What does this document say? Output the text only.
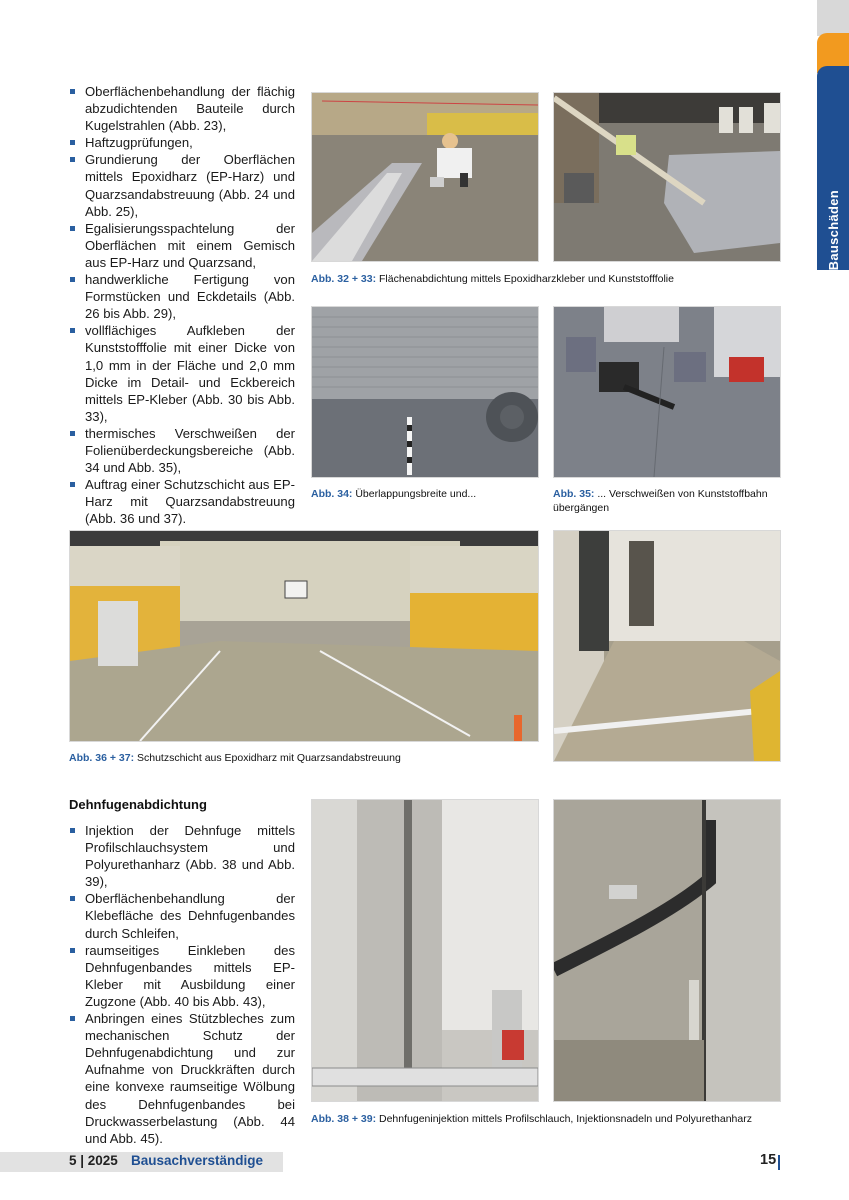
Bauschäden
Oberflächenbehandlung der flächig abzudichtenden Bauteile durch Kugelstrahlen (Abb. 23),
Haftzugprüfungen,
Grundierung der Oberflächen mittels Epoxidharz (EP-Harz) und Quarzsandabstreuung (Abb. 24 und Abb. 25),
Egalisierungsspachtelung der Oberflächen mit einem Gemisch aus EP-Harz und Quarzsand,
handwerkliche Fertigung von Formstücken und Eckdetails (Abb. 26 bis Abb. 29),
vollflächiges Aufkleben der Kunststofffolie mit einer Dicke von 1,0 mm in der Fläche und 2,0 mm Dicke im Detail- und Eckbereich mittels EP-Kleber (Abb. 30 bis Abb. 33),
thermisches Verschweißen der Folienüberdeckungsbereiche (Abb. 34 und Abb. 35),
Auftrag einer Schutzschicht aus EP-Harz mit Quarzsandabstreuung (Abb. 36 und 37).
Abb. 32 + 33: Flächenabdichtung mittels Epoxidharzkleber und Kunststofffolie
Abb. 34: Überlappungsbreite und...	Abb. 35: ... Verschweißen von Kunststoffbahn übergängen
Abb. 36 + 37: Schutzschicht aus Epoxidharz mit Quarzsandabstreuung
Dehnfugenabdichtung
Injektion der Dehnfuge mittels Profilschlauchsystem und Polyurethanharz (Abb. 38 und Abb. 39),
Oberflächenbehandlung der Klebefläche des Dehnfugenbandes durch Schleifen,
raumseitiges Einkleben des Dehnfugenbandes mittels EP-Kleber mit Ausbildung einer Zugzone (Abb. 40 bis Abb. 43),
Anbringen eines Stützbleches zum mechanischen Schutz der Dehnfugenabdichtung und zur Aufnahme von Druckkräften durch eine konvexe raumseitige Wölbung des Dehnfugenbandes bei Druckwasserbelastung (Abb. 44 und Abb. 45).
Abb. 38 + 39: Dehnfugeninjektion mittels Profilschlauch, Injektionsnadeln und Polyurethanharz
5 | 2025 Bausachverständige	15
